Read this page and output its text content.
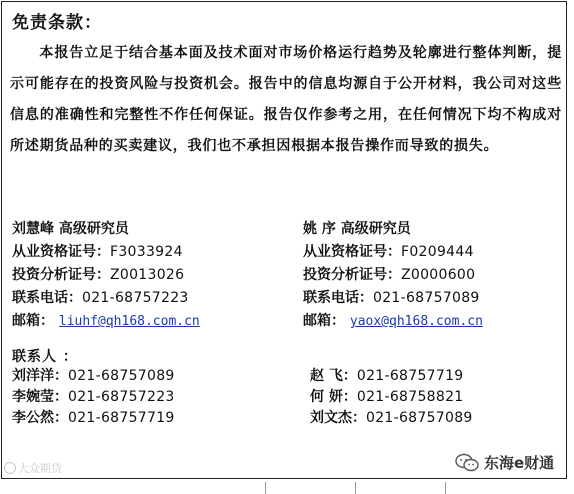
免责条款：
本报告立足于结合基本面及技术面对市场价格运行趋势及轮廓进行整体判断，提示可能存在的投资风险与投资机会。报告中的信息均源自于公开材料，我公司对这些信息的准确性和完整性不作任何保证。报告仅作参考之用，在任何情况下均不构成对所述期货品种的买卖建议，我们也不承担因根据本报告操作而导致的损失。
刘慧峰 高级研究员
从业资格证号：F3033924
投资分析证号：Z0013026
联系电话：021-68757223
邮箱： liuhf@qh168.com.cn
姚 序 高级研究员
从业资格证号：F0209444
投资分析证号：Z0000600
联系电话：021-68757089
邮箱： yaox@qh168.com.cn
联系人 ：
刘洋洋：021-68757089
李婉莹：021-68757223
李公然：021-68757719
赵 飞：021-68757719
何 妍：021-68758821
刘文杰：021-68757089
大众期货	东海e财通
